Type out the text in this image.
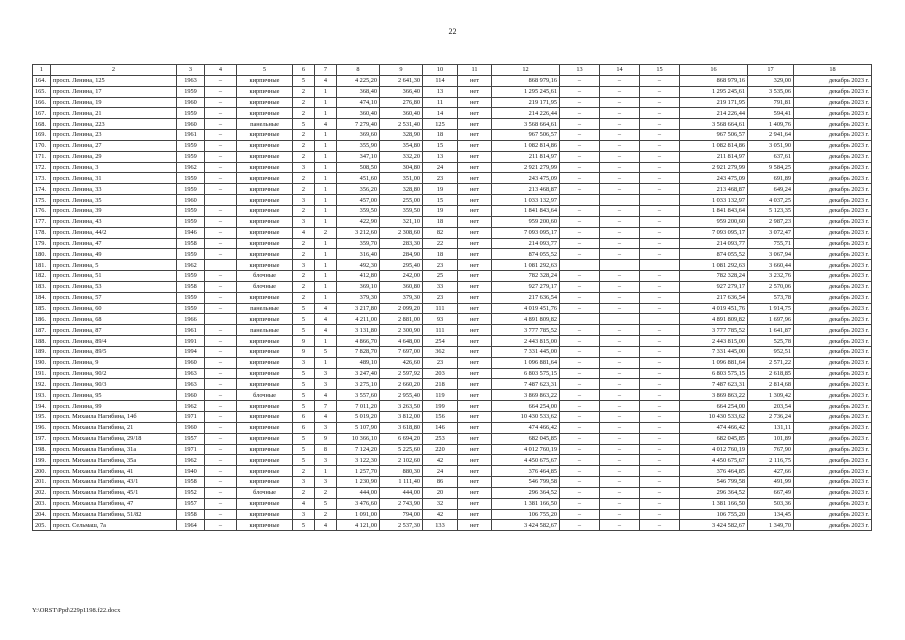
22
1	2	3	4	5	6	7	8	9	10	11	12	13	14	15	16	17	18
164.	просп. Ленина, 125	1963	–	кирпичные	5	4	4 225,20	2 641,30	114	нет	868 979,16	–	–	–	868 979,16	329,00	декабрь 2023 г.
165.	просп. Ленина, 17	1959	–	кирпичные	2	1	368,40	366,40	13	нет	1 295 245,61	–	–	–	1 295 245,61	3 535,06	декабрь 2023 г.
166.	просп. Ленина, 19	1960	–	кирпичные	2	1	474,10	276,80	11	нет	219 171,95	–	–	–	219 171,95	791,81	декабрь 2023 г.
167.	просп. Ленина, 21	1959	–	кирпичные	2	1	360,40	360,40	14	нет	214 226,44	–	–	–	214 226,44	594,41	декабрь 2023 г.
168.	просп. Ленина, 223	1960	–	панельные	5	4	7 279,40	2 531,40	125	нет	3 568 664,61	–	–	–	3 568 664,61	1 409,76	декабрь 2023 г.
169.	просп. Ленина, 23	1961	–	кирпичные	2	1	369,60	328,90	18	нет	967 506,57	–	–	–	967 506,57	2 941,64	декабрь 2023 г.
170.	просп. Ленина, 27	1959	–	кирпичные	2	1	355,90	354,80	15	нет	1 082 814,86	–	–	–	1 082 814,86	3 051,90	декабрь 2023 г.
171.	просп. Ленина, 29	1959	–	кирпичные	2	1	347,10	332,20	13	нет	211 814,97	–	–	–	211 814,97	637,61	декабрь 2023 г.
172.	просп. Ленина, 3	1962	–	кирпичные	3	1	508,50	304,80	24	нет	2 921 279,99	–	–	–	2 921 279,99	9 584,25	декабрь 2023 г.
173.	просп. Ленина, 31	1959	–	кирпичные	2	1	451,60	351,00	23	нет	243 475,09	–	–	–	243 475,09	691,89	декабрь 2023 г.
174.	просп. Ленина, 33	1959	–	кирпичные	2	1	356,20	328,80	19	нет	213 468,87	–	–	–	213 468,87	649,24	декабрь 2023 г.
175.	просп. Ленина, 35	1960		кирпичные	3	1	457,00	255,00	15	нет	1 033 132,97				1 033 132,97	4 037,25	декабрь 2023 г.
176.	просп. Ленина, 39	1959	–	кирпичные	2	1	359,50	359,50	19	нет	1 841 843,64	–	–	–	1 841 843,64	5 123,35	декабрь 2023 г.
177.	просп. Ленина, 43	1959	–	кирпичные	3	1	422,90	321,10	18	нет	959 200,60	–	–	–	959 200,60	2 987,23	декабрь 2023 г.
178.	просп. Ленина, 44/2	1946	–	кирпичные	4	2	3 212,60	2 308,60	82	нет	7 093 095,17	–	–	–	7 093 095,17	3 072,47	декабрь 2023 г.
179.	просп. Ленина, 47	1958	–	кирпичные	2	1	359,70	283,30	22	нет	214 093,77	–	–	–	214 093,77	755,71	декабрь 2023 г.
180.	просп. Ленина, 49	1959	–	кирпичные	2	1	316,40	284,90	18	нет	874 055,52	–	–	–	874 055,52	3 067,94	декабрь 2023 г.
181.	просп. Ленина, 5	1962		кирпичные	3	1	492,30	295,40	23	нет	1 081 292,63				1 081 292,63	3 660,44	декабрь 2023 г.
182.	просп. Ленина, 51	1959	–	блочные	2	1	412,80	242,00	25	нет	782 328,24	–	–	–	782 328,24	3 232,76	декабрь 2023 г.
183.	просп. Ленина, 53	1958	–	блочные	2	1	369,10	360,80	33	нет	927 279,17	–	–	–	927 279,17	2 570,06	декабрь 2023 г.
184.	просп. Ленина, 57	1959	–	кирпичные	2	1	379,30	379,30	23	нет	217 636,54	–	–	–	217 636,54	573,78	декабрь 2023 г.
185.	просп. Ленина, 60	1959	–	панельные	5	4	3 217,80	2 099,20	111	нет	4 019 451,76	–	–	–	4 019 451,76	1 914,75	декабрь 2023 г.
186.	просп. Ленина, 68	1966		кирпичные	5	4	4 211,00	2 881,00	93	нет	4 891 809,82				4 891 809,82	1 697,96	декабрь 2023 г.
187.	просп. Ленина, 87	1961	–	панельные	5	4	3 131,80	2 300,90	111	нет	3 777 785,52	–	–	–	3 777 785,52	1 641,87	декабрь 2023 г.
188.	просп. Ленина, 89/4	1991	–	кирпичные	9	1	4 866,70	4 648,00	254	нет	2 443 815,00	–	–	–	2 443 815,00	525,78	декабрь 2023 г.
189.	просп. Ленина, 89/5	1994	–	кирпичные	9	5	7 828,70	7 697,00	362	нет	7 331 445,00	–	–	–	7 331 445,00	952,51	декабрь 2023 г.
190.	просп. Ленина, 9	1960	–	кирпичные	3	1	489,10	426,60	23	нет	1 096 881,64	–	–	–	1 096 881,64	2 571,22	декабрь 2023 г.
191.	просп. Ленина, 90/2	1963	–	кирпичные	5	3	3 247,40	2 597,92	203	нет	6 803 575,15	–	–	–	6 803 575,15	2 618,85	декабрь 2023 г.
192.	просп. Ленина, 90/3	1963	–	кирпичные	5	3	3 275,10	2 660,20	218	нет	7 487 623,31	–	–	–	7 487 623,31	2 814,68	декабрь 2023 г.
193.	просп. Ленина, 95	1960	–	блочные	5	4	3 557,60	2 955,40	119	нет	3 869 863,22	–	–	–	3 869 863,22	1 309,42	декабрь 2023 г.
194.	просп. Ленина, 99	1962	–	кирпичные	5	7	7 011,20	3 263,50	199	нет	664 254,00	–	–	–	664 254,00	203,54	декабрь 2023 г.
195.	просп. Михаила Нагибина, 14б	1971	–	кирпичные	6	4	5 019,20	3 812,00	156	нет	10 430 533,62	–	–	–	10 430 533,62	2 736,24	декабрь 2023 г.
196.	просп. Михаила Нагибина, 21	1960	–	кирпичные	6	3	5 107,90	3 618,80	146	нет	474 466,42	–	–	–	474 466,42	131,11	декабрь 2023 г.
197.	просп. Михаила Нагибина, 29/18	1957	–	кирпичные	5	9	10 366,10	6 694,20	253	нет	682 045,85	–	–	–	682 045,85	101,89	декабрь 2023 г.
198.	просп. Михаила Нагибина, 31а	1971	–	кирпичные	5	8	7 124,20	5 225,60	220	нет	4 012 760,19	–	–	–	4 012 760,19	767,90	декабрь 2023 г.
199.	просп. Михаила Нагибина, 35а	1962	–	кирпичные	5	3	3 122,30	2 102,60	42	нет	4 450 675,67	–	–	–	4 450 675,67	2 116,75	декабрь 2023 г.
200.	просп. Михаила Нагибина, 41	1940	–	кирпичные	2	1	1 257,70	880,30	24	нет	376 464,85	–	–	–	376 464,85	427,66	декабрь 2023 г.
201.	просп. Михаила Нагибина, 43/1	1958	–	кирпичные	3	3	1 230,90	1 111,40	86	нет	546 799,58	–	–	–	546 799,58	491,99	декабрь 2023 г.
202.	просп. Михаила Нагибина, 45/1	1952	–	блочные	2	2	444,00	444,00	20	нет	296 364,52	–	–	–	296 364,52	667,49	декабрь 2023 г.
203.	просп. Михаила Нагибина, 47	1957	–	кирпичные	4	5	3 476,60	2 743,90	32	нет	1 381 166,50	–	–	–	1 381 166,50	503,36	декабрь 2023 г.
204.	просп. Михаила Нагибина, 51/82	1958	–	кирпичные	3	2	1 091,00	794,00	42	нет	106 755,20	–	–	–	106 755,20	134,45	декабрь 2023 г.
205.	просп. Сельмаш, 7а	1964	–	кирпичные	5	4	4 121,00	2 537,30	133	нет	3 424 582,67	–	–	–	3 424 582,67	1 349,70	декабрь 2023 г.
Y:\ORST\Ppd\229p1198.f22.docx
